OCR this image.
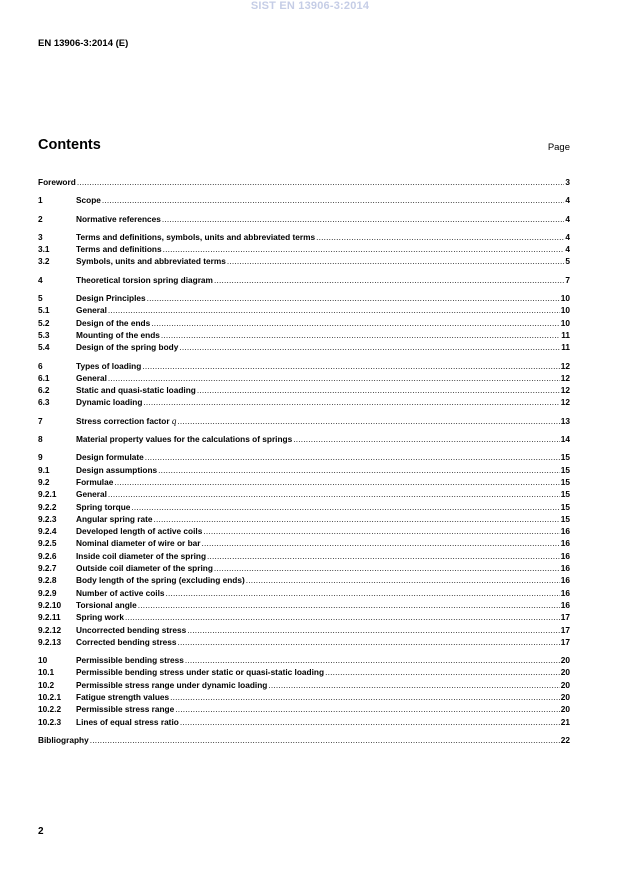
SIST EN 13906-3:2014
EN 13906-3:2014 (E)
Contents	Page
Foreword .....	3
1	Scope .....	4
2	Normative references .....	4
3	Terms and definitions, symbols, units and abbreviated terms .....	4
3.1	Terms and definitions .....	4
3.2	Symbols, units and abbreviated terms .....	5
4	Theoretical torsion spring diagram .....	7
5	Design Principles .....	10
5.1	General .....	10
5.2	Design of the ends .....	10
5.3	Mounting of the ends .....	11
5.4	Design of the spring body .....	11
6	Types of loading .....	12
6.1	General .....	12
6.2	Static and quasi-static loading .....	12
6.3	Dynamic loading .....	12
7	Stress correction factor q .....	13
8	Material property values for the calculations of springs .....	14
9	Design formulate .....	15
9.1	Design assumptions .....	15
9.2	Formulae .....	15
9.2.1	General .....	15
9.2.2	Spring torque .....	15
9.2.3	Angular spring rate .....	15
9.2.4	Developed length of active coils .....	16
9.2.5	Nominal diameter of wire or bar .....	16
9.2.6	Inside coil diameter of the spring .....	16
9.2.7	Outside coil diameter of the spring .....	16
9.2.8	Body length of the spring (excluding ends) .....	16
9.2.9	Number of active coils .....	16
9.2.10	Torsional angle .....	16
9.2.11	Spring work .....	17
9.2.12	Uncorrected bending stress .....	17
9.2.13	Corrected bending stress .....	17
10	Permissible bending stress .....	20
10.1	Permissible bending stress under static or quasi-static loading .....	20
10.2	Permissible stress range under dynamic loading .....	20
10.2.1	Fatigue strength values .....	20
10.2.2	Permissible stress range .....	20
10.2.3	Lines of equal stress ratio .....	21
Bibliography .....	22
2
